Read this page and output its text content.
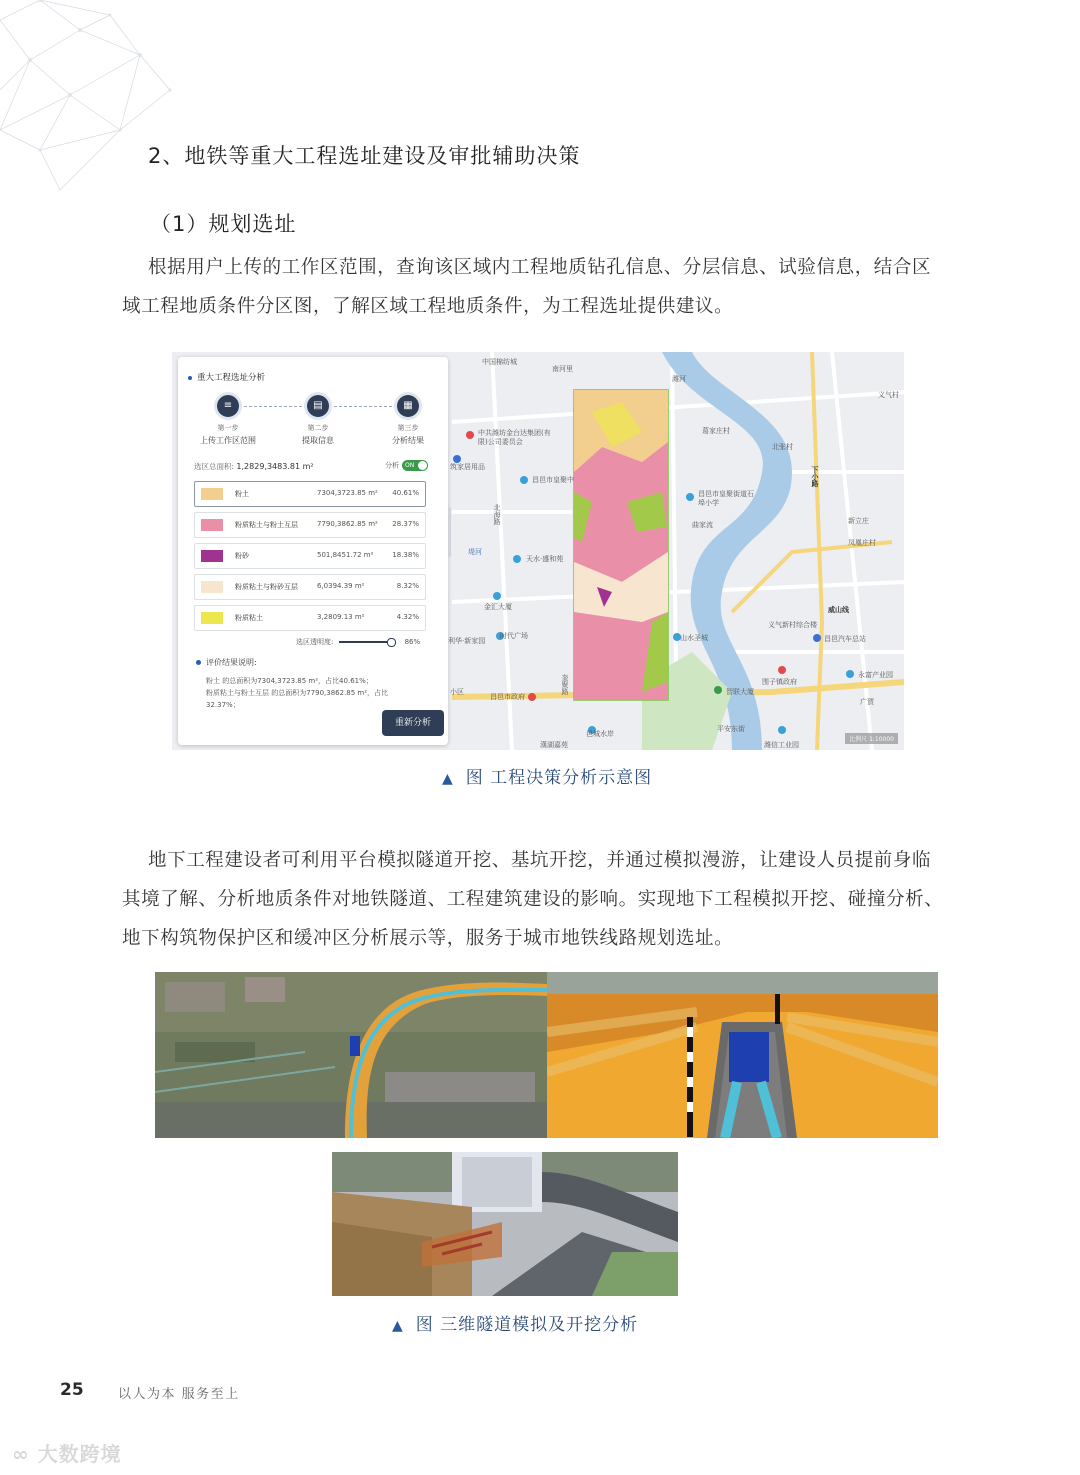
2、地铁等重大工程选址建设及审批辅助决策
（1）规划选址
根据用户上传的工作区范围，查询该区域内工程地质钻孔信息、分层信息、试验信息，结合区
域工程地质条件分区图，了解区域工程地质条件，为工程选址提供建议。
中国棉纺城
南河里
潍河
中共潍坊金台达集团(有限)公司委员会
筑家居用品
昌邑市皇聚中
昌邑市皇聚街道石埠小学
葛家庄村
北张村
下小路
义气村
北海路	曲家流	新立庄
凤凰庄村
堤河
天水·盛和苑
金汇大厦
时代广场
利华·新家园	山水圣城
义气新村综合楼
昌邑汽车总站
威山线
奎聚路
昌邑市政府
围子镇政府
智联大厦
永富产业园
邑城水岸
漢湖嘉苑
平安东街
潍信工业园
广賀
小区
比例尺 1:10000
重大工程选址分析
≡
第一步
上传工作区范围
▤
第二步
提取信息
▦
第三步
分析结果
选区总面积: 1,2829,3483.81 m²	分析 ON
粉土	7304,3723.85 m² 40.61%
粉质粘土与粉土互层	7790,3862.85 m² 28.37%
粉砂	501,8451.72 m²	18.38%
粉质粘土与粉砂互层	6,0394.39 m²	8.32%
粉质粘土	3,2809.13 m²	4.32%
选区透明度:	86%
评价结果说明:
粉土 的总面积为7304,3723.85 m²，占比40.61%；
粉质粘土与粉土互层 的总面积为7790,3862.85 m²，占比
32.37%；
重新分析
▲ 图 工程决策分析示意图
地下工程建设者可利用平台模拟隧道开挖、基坑开挖，并通过模拟漫游，让建设人员提前身临
其境了解、分析地质条件对地铁隧道、工程建筑建设的影响。实现地下工程模拟开挖、碰撞分析、
地下构筑物保护区和缓冲区分析展示等，服务于城市地铁线路规划选址。
▲ 图 三维隧道模拟及开挖分析
25	以人为本 服务至上
∞ 大数跨境
